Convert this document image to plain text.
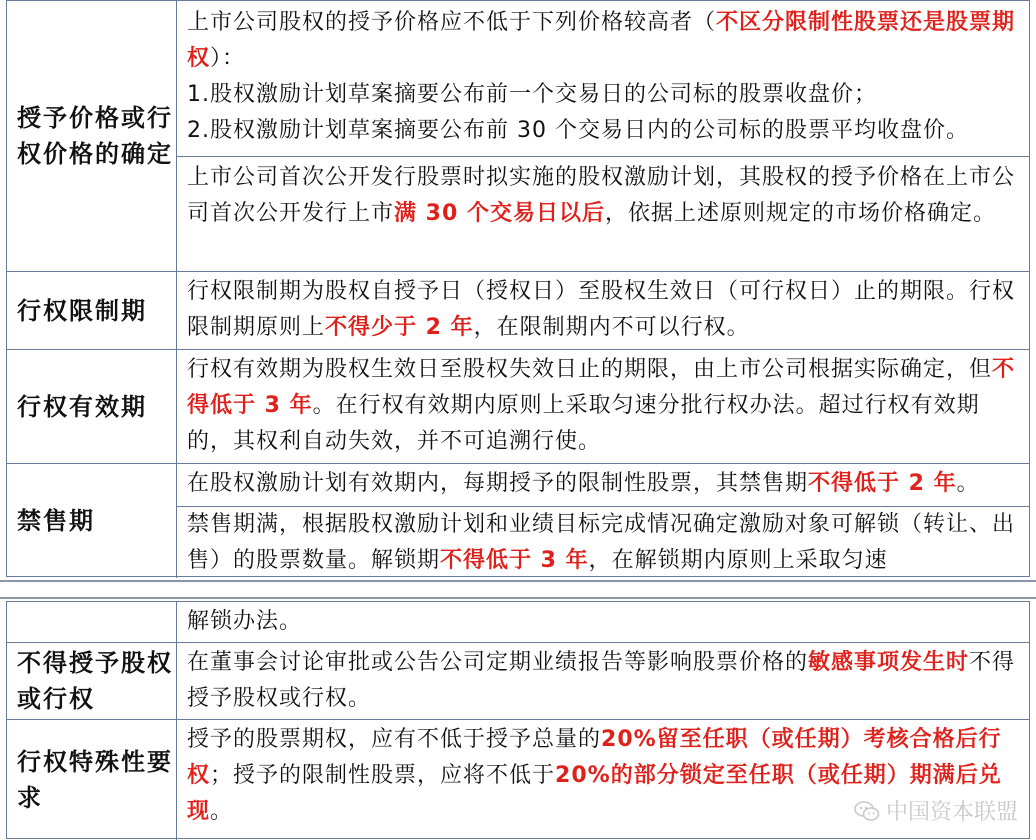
授予价格或行权价格的确定
上市公司股权的授予价格应不低于下列价格较高者（不区分限制性股票还是股票期权）：
1.股权激励计划草案摘要公布前一个交易日的公司标的股票收盘价；
2.股权激励计划草案摘要公布前 30 个交易日内的公司标的股票平均收盘价。
上市公司首次公开发行股票时拟实施的股权激励计划，其股权的授予价格在上市公司首次公开发行上市满 30 个交易日以后，依据上述原则规定的市场价格确定。
行权限制期
行权限制期为股权自授予日（授权日）至股权生效日（可行权日）止的期限。行权限制期原则上不得少于 2 年，在限制期内不可以行权。
行权有效期
行权有效期为股权生效日至股权失效日止的期限，由上市公司根据实际确定，但不得低于 3 年。在行权有效期内原则上采取匀速分批行权办法。超过行权有效期的，其权利自动失效，并不可追溯行使。
禁售期
在股权激励计划有效期内，每期授予的限制性股票，其禁售期不得低于 2 年。
禁售期满，根据股权激励计划和业绩目标完成情况确定激励对象可解锁（转让、出售）的股票数量。解锁期不得低于 3 年，在解锁期内原则上采取匀速
解锁办法。
不得授予股权或行权
在董事会讨论审批或公告公司定期业绩报告等影响股票价格的敏感事项发生时不得授予股权或行权。
行权特殊性要求
授予的股票期权，应有不低于授予总量的20%留至任职（或任期）考核合格后行权；授予的限制性股票，应将不低于20%的部分锁定至任职（或任期）期满后兑现。	中国资本联盟
